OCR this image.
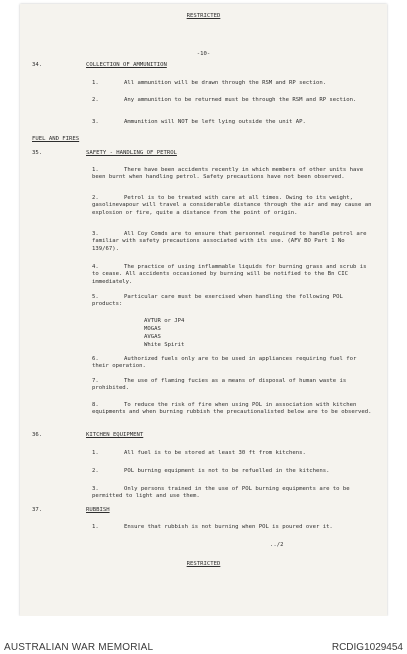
RESTRICTED
-10-
34.	COLLECTION OF AMMUNITION
1.	All ammunition will be drawn through the RSM and RP section.
2.	Any ammunition to be returned must be through the RSM and RP section.
3.	Ammunition will NOT be left lying outside the unit AP.
FUEL AND FIRES
35.	SAFETY - HANDLING OF PETROL
1.	There have been accidents recently in which members of other units have been burnt when handling petrol. Safety precautions have not been observed.
2.	Petrol is to be treated with care at all times. Owing to its weight, gasolinevapour will travel a considerable distance through the air and may cause an explosion or fire, quite a distance from the point of origin.
3.	All Coy Comds are to ensure that personnel required to handle petrol are familiar with safety precautions associated with its use. (AFV BO Part 1 No 139/67).
4.	The practice of using inflammable liquids for burning grass and scrub is to cease. All accidents occasioned by burning will be notified to the Bn CIC immediately.
5.	Particular care must be exercised when handling the following POL products:
AVTUR or JP4
MOGAS
AVGAS
White Spirit
6.	Authorized fuels only are to be used in appliances requiring fuel for their operation.
7.	The use of flaming fucies as a means of disposal of human waste is prohibited.
8.	To reduce the risk of fire when using POL in association with kitchen equipments and when burning rubbish the precautionalisted below are to be observed.
36.	KITCHEN EQUIPMENT
1.	All fuel is to be stored at least 30 ft from kitchens.
2.	POL burning equipment is not to be refuelled in the kitchens.
3.	Only persons trained in the use of POL burning equipments are to be permitted to light and use them.
37.	RUBBISH
1.	Ensure that rubbish is not burning when POL is poured over it.
../2
RESTRICTED
AUSTRALIAN WAR MEMORIAL	RCDIG1029454
